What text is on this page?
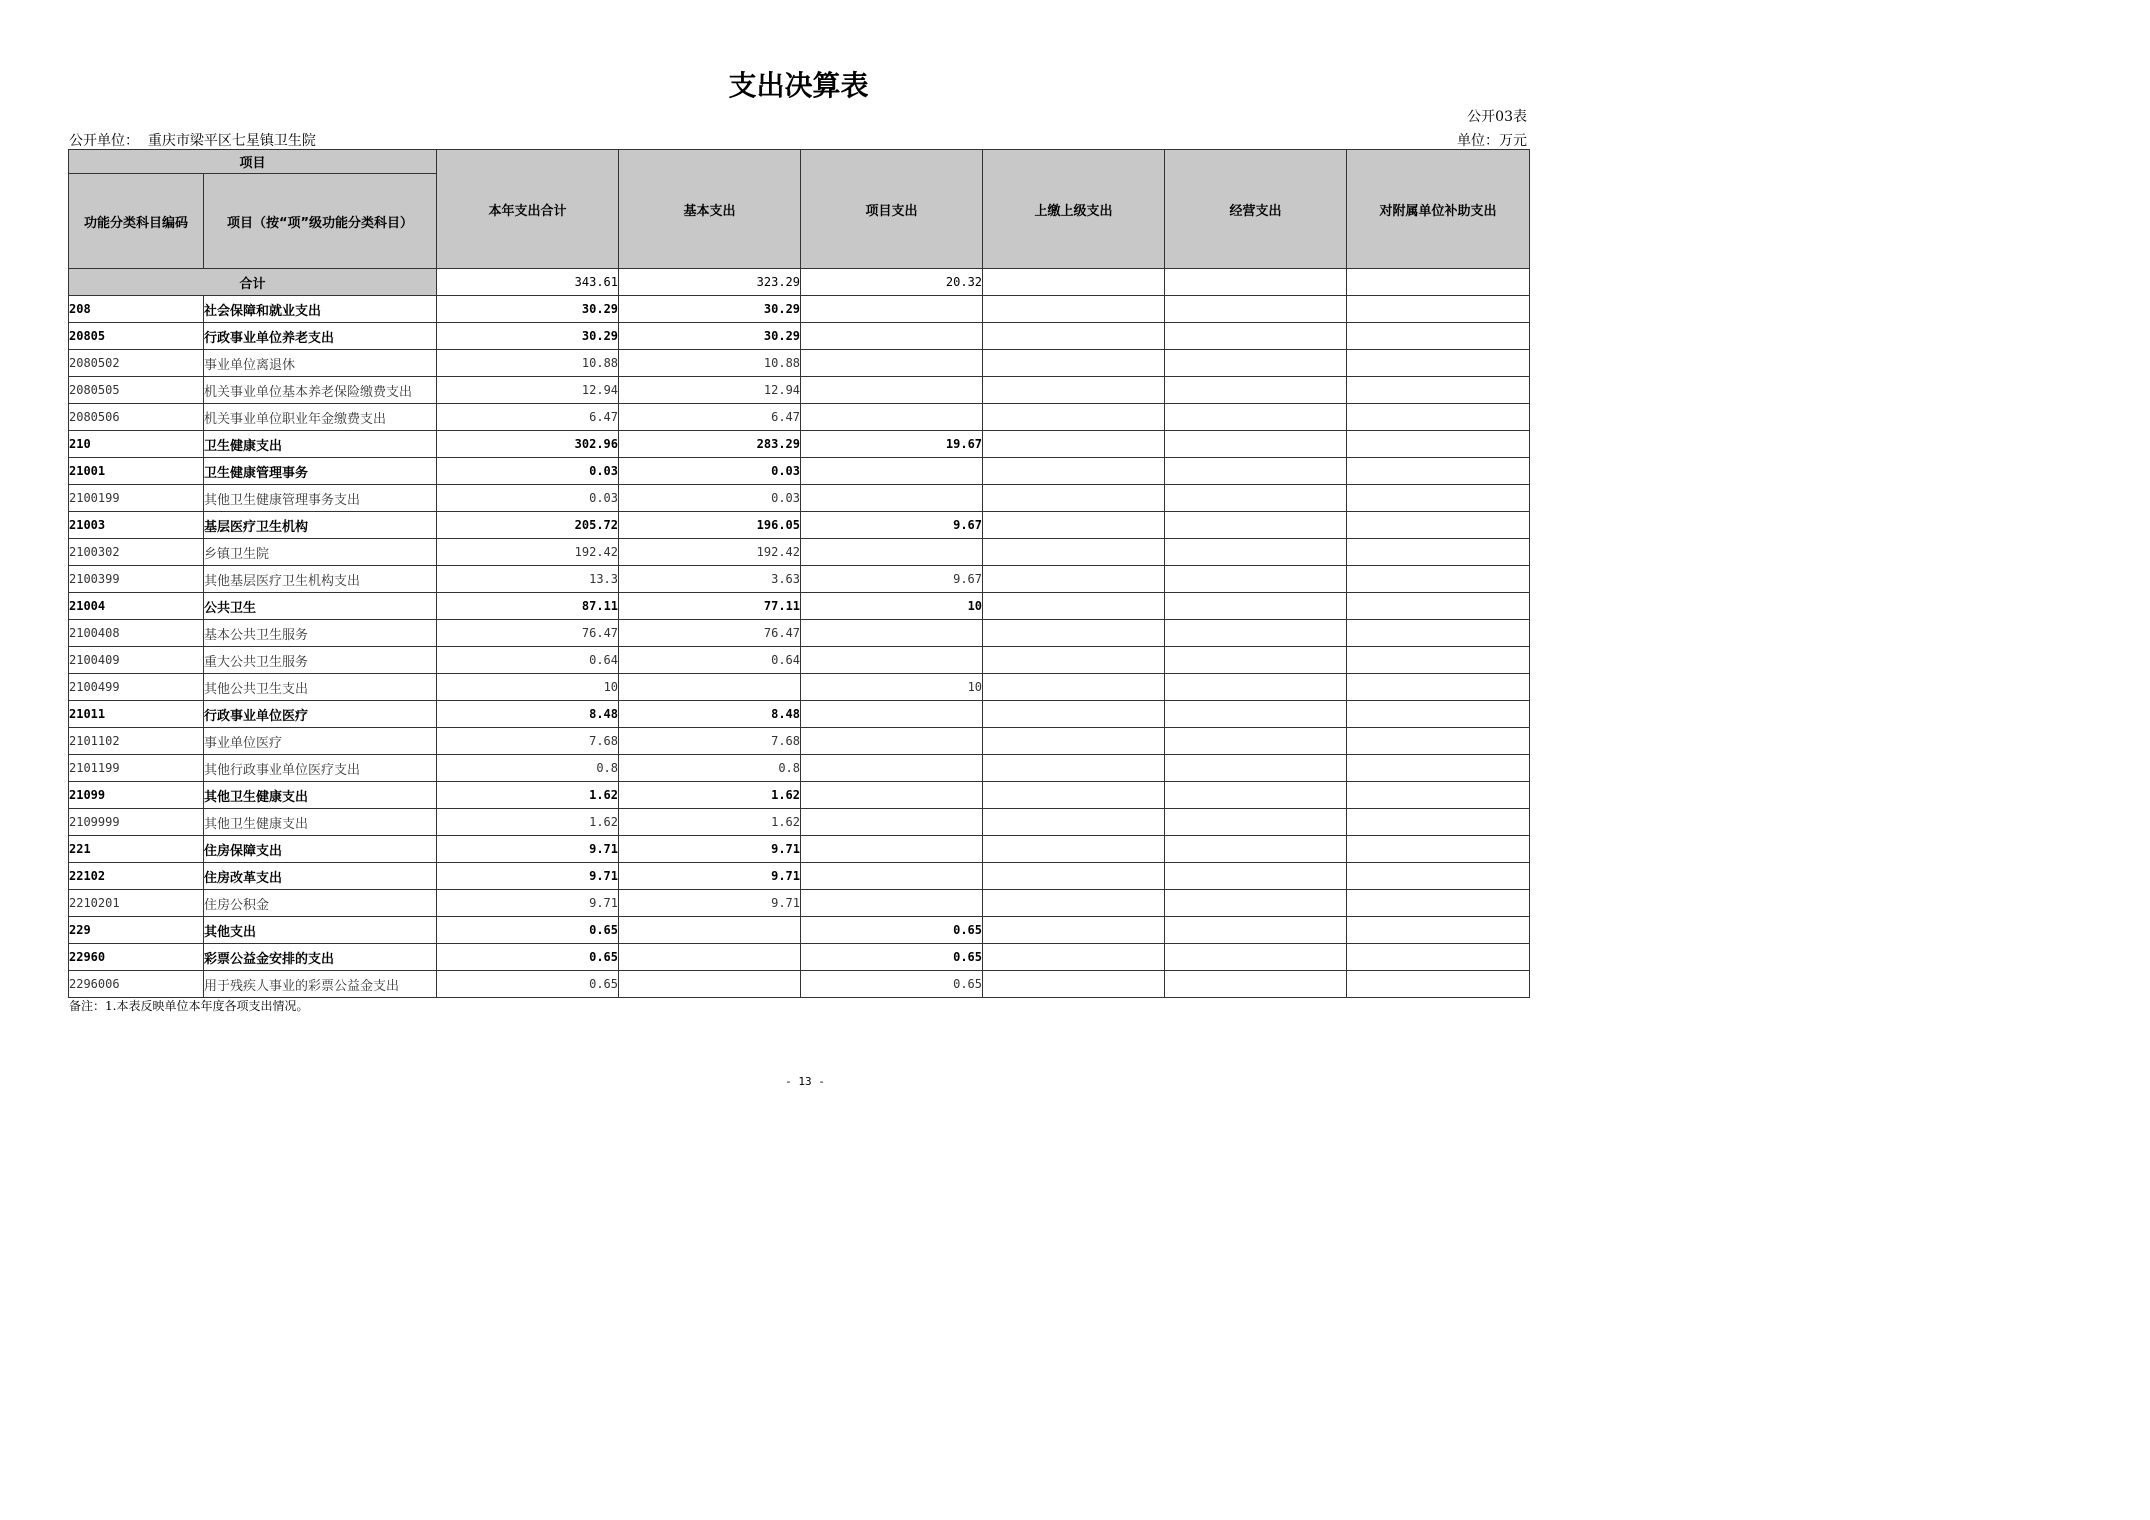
支出决算表
公开03表
公开单位： 重庆市梁平区七星镇卫生院	单位：万元
项目		本年支出合计	基本支出	项目支出	上缴上级支出	经营支出	对附属单位补助支出
功能分类科目编码	项目（按“项”级功能分类科目）						
合计		343.61	323.29	20.32			
208	社会保障和就业支出	30.29	30.29				
20805	行政事业单位养老支出	30.29	30.29				
2080502	事业单位离退休	10.88	10.88				
2080505	机关事业单位基本养老保险缴费支出	12.94	12.94				
2080506	机关事业单位职业年金缴费支出	6.47	6.47				
210	卫生健康支出	302.96	283.29	19.67			
21001	卫生健康管理事务	0.03	0.03				
2100199	其他卫生健康管理事务支出	0.03	0.03				
21003	基层医疗卫生机构	205.72	196.05	9.67			
2100302	乡镇卫生院	192.42	192.42				
2100399	其他基层医疗卫生机构支出	13.3	3.63	9.67			
21004	公共卫生	87.11	77.11	10			
2100408	基本公共卫生服务	76.47	76.47				
2100409	重大公共卫生服务	0.64	0.64				
2100499	其他公共卫生支出	10		10			
21011	行政事业单位医疗	8.48	8.48				
2101102	事业单位医疗	7.68	7.68				
2101199	其他行政事业单位医疗支出	0.8	0.8				
21099	其他卫生健康支出	1.62	1.62				
2109999	其他卫生健康支出	1.62	1.62				
221	住房保障支出	9.71	9.71				
22102	住房改革支出	9.71	9.71				
2210201	住房公积金	9.71	9.71				
229	其他支出	0.65		0.65			
22960	彩票公益金安排的支出	0.65		0.65			
2296006	用于残疾人事业的彩票公益金支出	0.65		0.65			
备注：1.本表反映单位本年度各项支出情况。
- 13 -
